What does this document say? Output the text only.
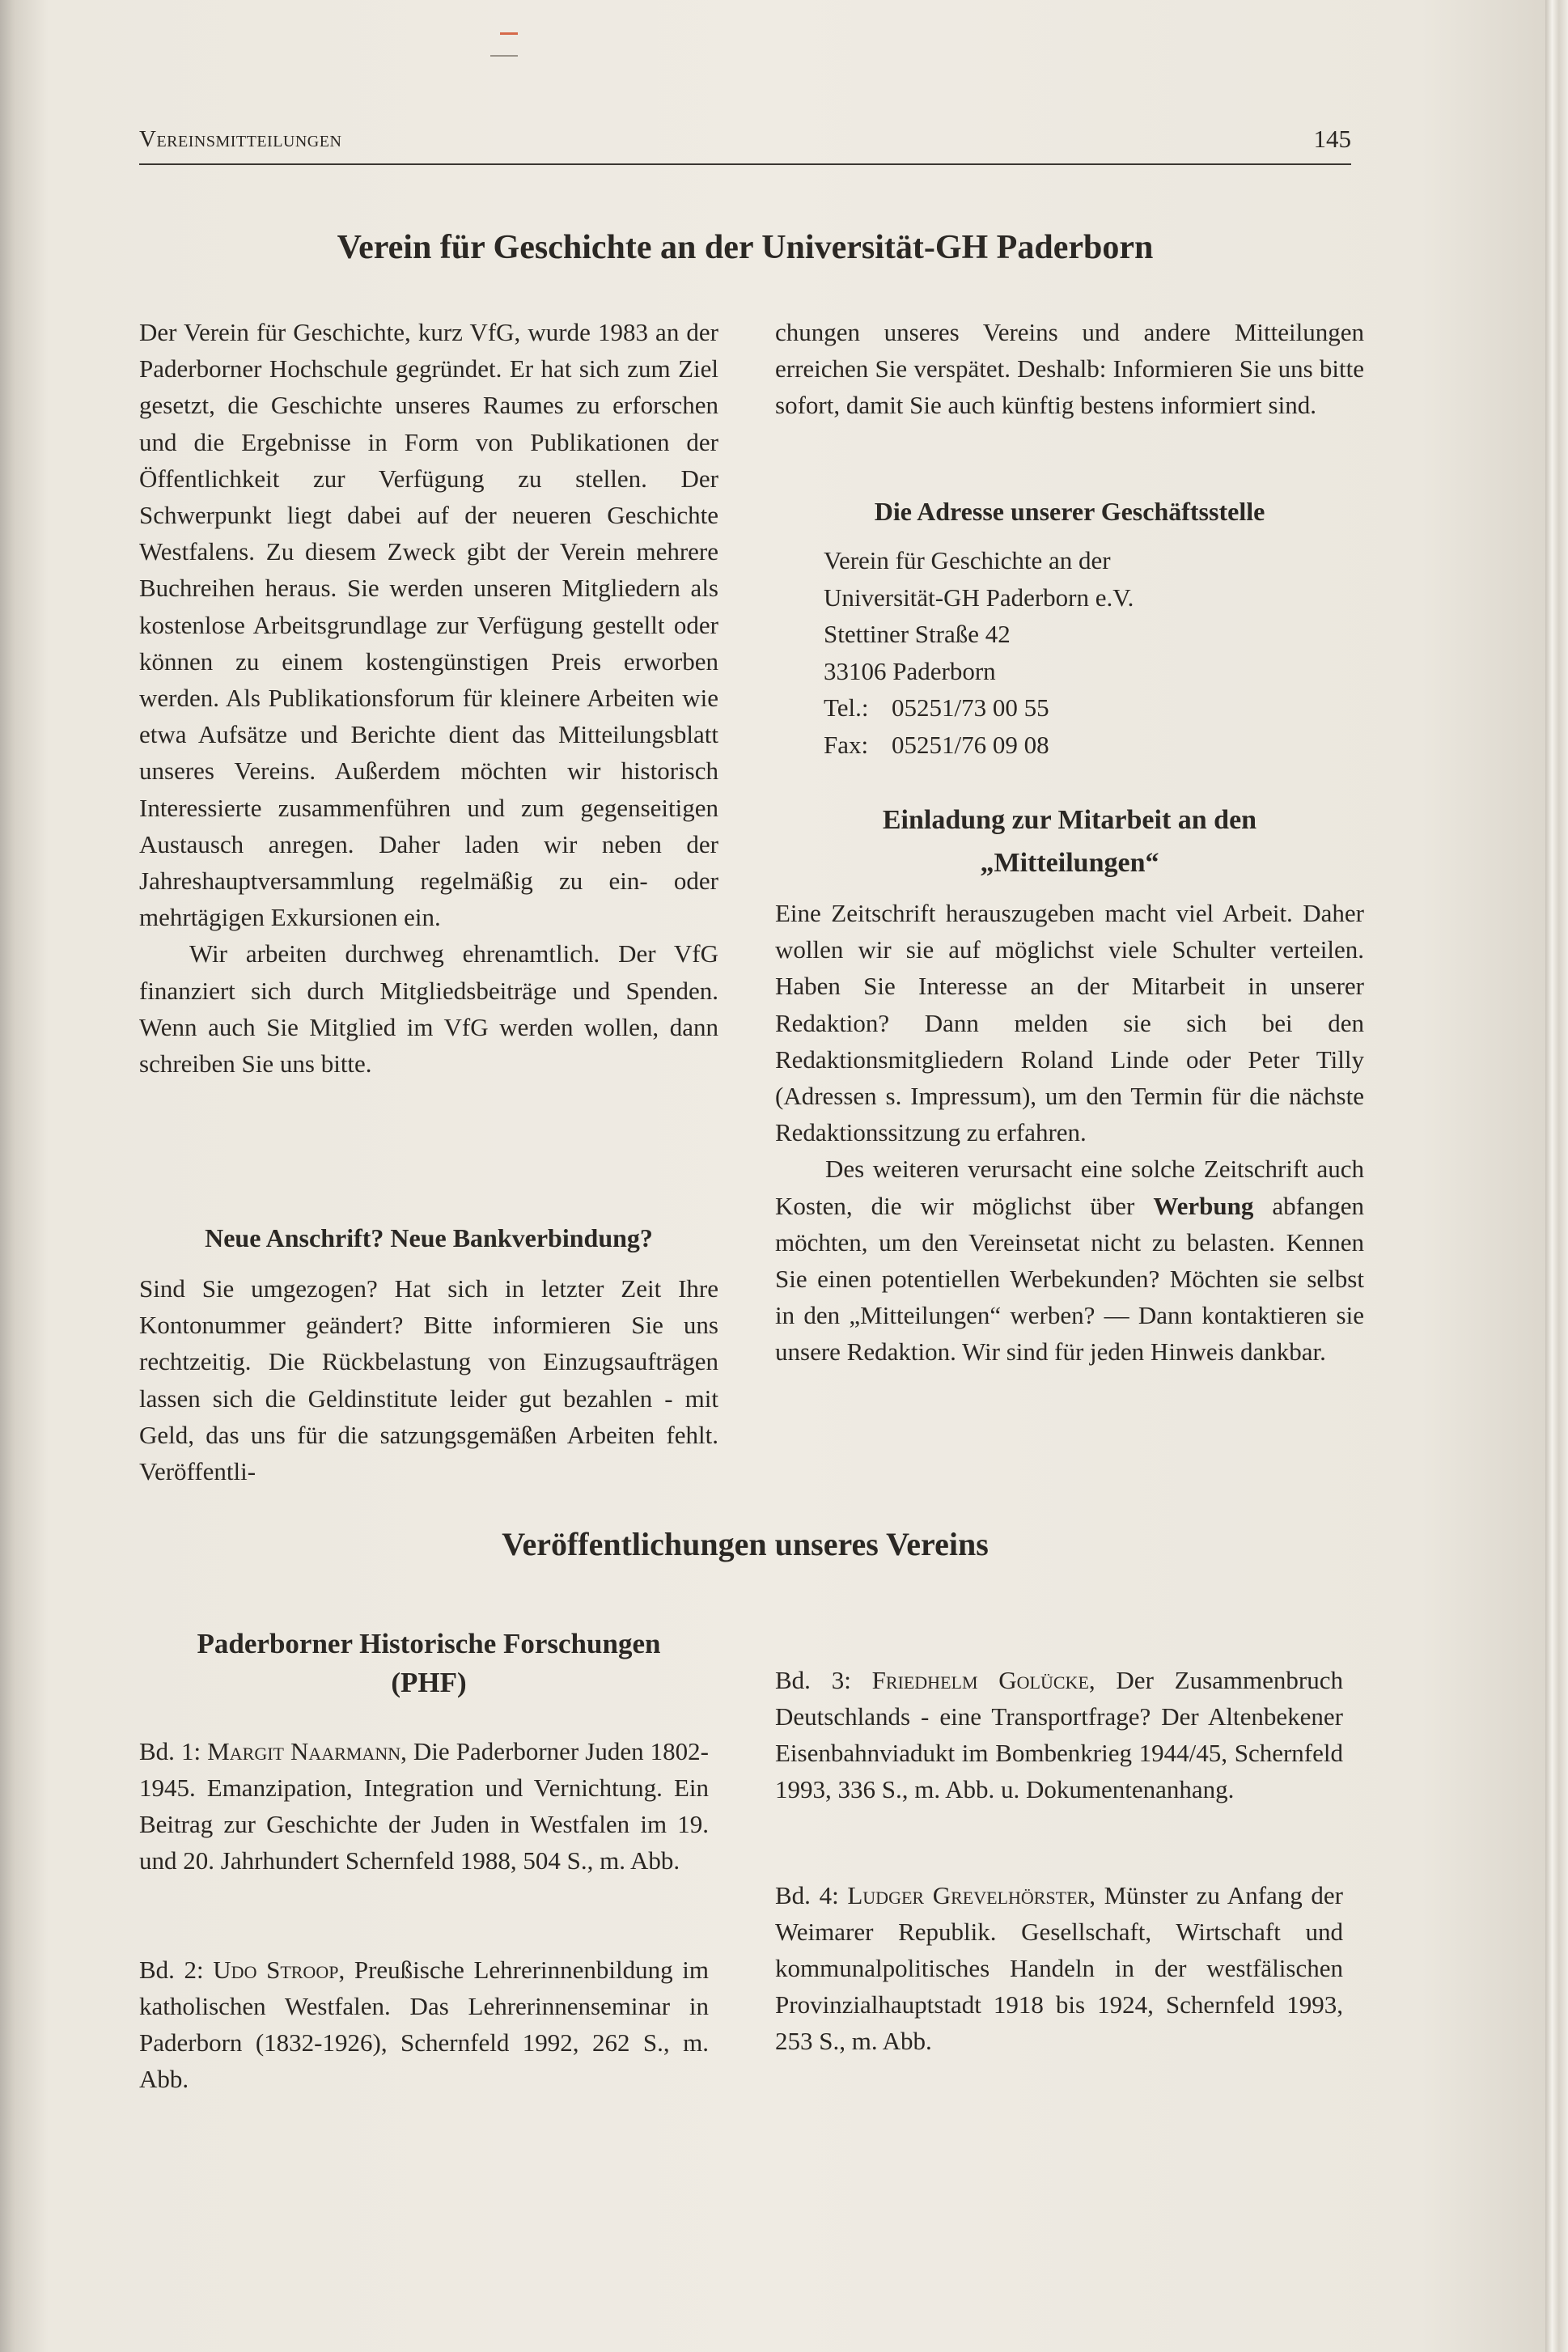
Vereinsmitteilungen	145
Verein für Geschichte an der Universität-GH Paderborn

Der Verein für Geschichte, kurz VfG, wurde 1983 an der Paderborner Hochschule gegründet. Er hat sich zum Ziel gesetzt, die Geschichte unseres Raumes zu erforschen und die Ergebnisse in Form von Publikationen der Öffentlichkeit zur Verfügung zu stellen. Der Schwerpunkt liegt dabei auf der neueren Geschichte Westfalens. Zu diesem Zweck gibt der Verein mehrere Buchreihen heraus. Sie werden unseren Mitgliedern als kostenlose Arbeitsgrundlage zur Verfügung gestellt oder können zu einem kostengünstigen Preis erworben werden. Als Publikationsforum für kleinere Arbeiten wie etwa Aufsätze und Berichte dient das Mitteilungsblatt unseres Vereins. Außerdem möchten wir historisch Interessierte zusammenführen und zum gegenseitigen Austausch anregen. Daher laden wir neben der Jahreshauptversammlung regelmäßig zu ein- oder mehrtägigen Exkursionen ein.

Wir arbeiten durchweg ehrenamtlich. Der VfG finanziert sich durch Mitgliedsbeiträge und Spenden. Wenn auch Sie Mitglied im VfG werden wollen, dann schreiben Sie uns bitte.

Neue Anschrift? Neue Bankverbindung?

Sind Sie umgezogen? Hat sich in letzter Zeit Ihre Kontonummer geändert? Bitte informieren Sie uns rechtzeitig. Die Rückbelastung von Einzugsaufträgen lassen sich die Geldinstitute leider gut bezahlen - mit Geld, das uns für die satzungsgemäßen Arbeiten fehlt. Veröffentli-

chungen unseres Vereins und andere Mitteilungen erreichen Sie verspätet. Deshalb: Informieren Sie uns bitte sofort, damit Sie auch künftig bestens informiert sind.

Die Adresse unserer Geschäftsstelle
Verein für Geschichte an der
Universität-GH Paderborn e.V.
Stettiner Straße 42
33106 Paderborn
Tel.: 05251/73 00 55
Fax: 05251/76 09 08
Einladung zur Mitarbeit an den
„Mitteilungen“

Eine Zeitschrift herauszugeben macht viel Arbeit. Daher wollen wir sie auf möglichst viele Schulter verteilen. Haben Sie Interesse an der Mitarbeit in unserer Redaktion? Dann melden sie sich bei den Redaktionsmitgliedern Roland Linde oder Peter Tilly (Adressen s. Impressum), um den Termin für die nächste Redaktionssitzung zu erfahren.

Des weiteren verursacht eine solche Zeitschrift auch Kosten, die wir möglichst über Werbung abfangen möchten, um den Vereinsetat nicht zu belasten. Kennen Sie einen potentiellen Werbekunden? Möchten sie selbst in den „Mitteilungen“ werben? — Dann kontaktieren sie unsere Redaktion. Wir sind für jeden Hinweis dankbar.

Veröffentlichungen unseres Vereins
Paderborner Historische Forschungen
(PHF)
Bd. 1: Margit Naarmann, Die Paderborner Juden 1802-1945. Emanzipation, Integration und Vernichtung. Ein Beitrag zur Geschichte der Juden in Westfalen im 19. und 20. Jahrhundert Schernfeld 1988, 504 S., m. Abb.
Bd. 2: Udo Stroop, Preußische Lehrerinnenbildung im katholischen Westfalen. Das Lehrerinnenseminar in Paderborn (1832-1926), Schernfeld 1992, 262 S., m. Abb.
Bd. 3: Friedhelm Golücke, Der Zusammenbruch Deutschlands - eine Transportfrage? Der Altenbekener Eisenbahnviadukt im Bombenkrieg 1944/45, Schernfeld 1993, 336 S., m. Abb. u. Dokumentenanhang.
Bd. 4: Ludger Grevelhörster, Münster zu Anfang der Weimarer Republik. Gesellschaft, Wirtschaft und kommunalpolitisches Handeln in der westfälischen Provinzialhauptstadt 1918 bis 1924, Schernfeld 1993, 253 S., m. Abb.
